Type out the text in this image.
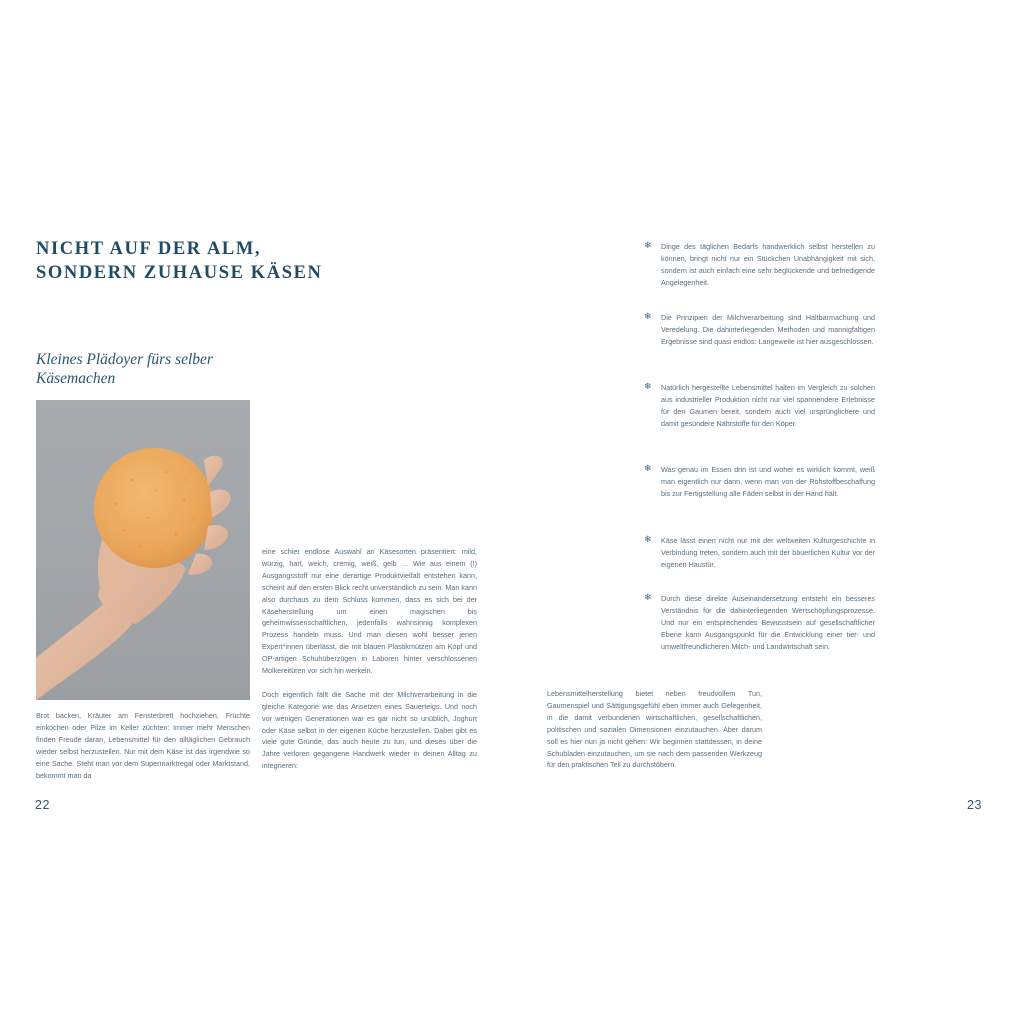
NICHT AUF DER ALM,
SONDERN ZUHAUSE KÄSEN
Kleines Plädoyer fürs selber Käsemachen

Brot backen, Kräuter am Fensterbrett hochziehen, Früchte einkochen oder Pilze im Keller züchten: Immer mehr Menschen finden Freude daran, Lebensmittel für den alltäglichen Gebrauch wieder selbst herzustellen. Nur mit dem Käse ist das irgendwie so eine Sache. Steht man vor dem Supermarktregal oder Marktstand, bekommt man da

eine schier endlose Auswahl an Käsesorten präsentiert: mild, würzig, hart, weich, cremig, weiß, gelb … Wie aus einem (!) Ausgangsstoff nur eine derartige Produktvielfalt entstehen kann, scheint auf den ersten Blick recht unverständlich zu sein. Man kann also durchaus zu dem Schluss kommen, dass es sich bei der Käseherstellung um einen magischen bis geheimwissenschaftlichen, jedenfalls wahnsinnig komplexen Prozess handeln muss. Und man diesen wohl besser jenen Expert*innen überlässt, die mit blauen Plastikmützen am Kopf und OP-artigen Schuhüberzügen in Laboren hinter verschlossenen Molkereitüren vor sich hin werkeln.

Doch eigentlich fällt die Sache mit der Milchverarbeitung in die gleiche Kategorie wie das Ansetzen eines Sauerteigs. Und noch vor wenigen Generationen war es gar nicht so unüblich, Joghurt oder Käse selbst in der eigenen Küche herzustellen. Dabei gibt es viele gute Gründe, das auch heute zu tun, und dieses über die Jahre verloren gegangene Handwerk wieder in deinen Alltag zu integrieren:

22
❄ Dinge des täglichen Bedarfs handwerklich selbst herstellen zu können, bringt nicht nur ein Stückchen Unabhängigkeit mit sich, sondern ist auch einfach eine sehr beglückende und befriedigende Angelegenheit.
❄ Die Prinzipien der Milchverarbeitung sind Haltbarmachung und Veredelung. Die dahinterliegenden Methoden und mannigfaltigen Ergebnisse sind quasi endlos: Langeweile ist hier ausgeschlossen.
❄ Natürlich hergestellte Lebensmittel halten im Vergleich zu solchen aus industrieller Produktion nicht nur viel spannendere Erlebnisse für den Gaumen bereit, sondern auch viel ursprünglichere und damit gesündere Nährstoffe für den Köper.
❄ Was genau im Essen drin ist und woher es wirklich kommt, weiß man eigentlich nur dann, wenn man von der Rohstoffbeschaffung bis zur Fertigstellung alle Fäden selbst in der Hand hält.
❄ Käse lässt einen nicht nur mit der weltweiten Kulturgeschichte in Verbindung treten, sondern auch mit der bäuerlichen Kultur vor der eigenen Haustür.
❄ Durch diese direkte Auseinandersetzung entsteht ein besseres Verständnis für die dahinterliegenden Wertschöpfungsprozesse. Und nur ein entsprechendes Bewusstsein auf gesellschaftlicher Ebene kann Ausgangspunkt für die Entwicklung einer tier- und umweltfreundlicheren Milch- und Landwirtschaft sein.

Lebensmittelherstellung bietet neben freudvollem Tun, Gaumenspiel und Sättigungsgefühl eben immer auch Gelegenheit, in die damit verbundenen wirtschaftlichen, gesellschaftlichen, politischen und sozialen Dimensionen einzutauchen. Aber darum soll es hier nun ja nicht gehen: Wir beginnen stattdessen, in deine Schubladen einzutauchen, um sie nach dem passenden Werkzeug für den praktischen Teil zu durchstöbern.

23
